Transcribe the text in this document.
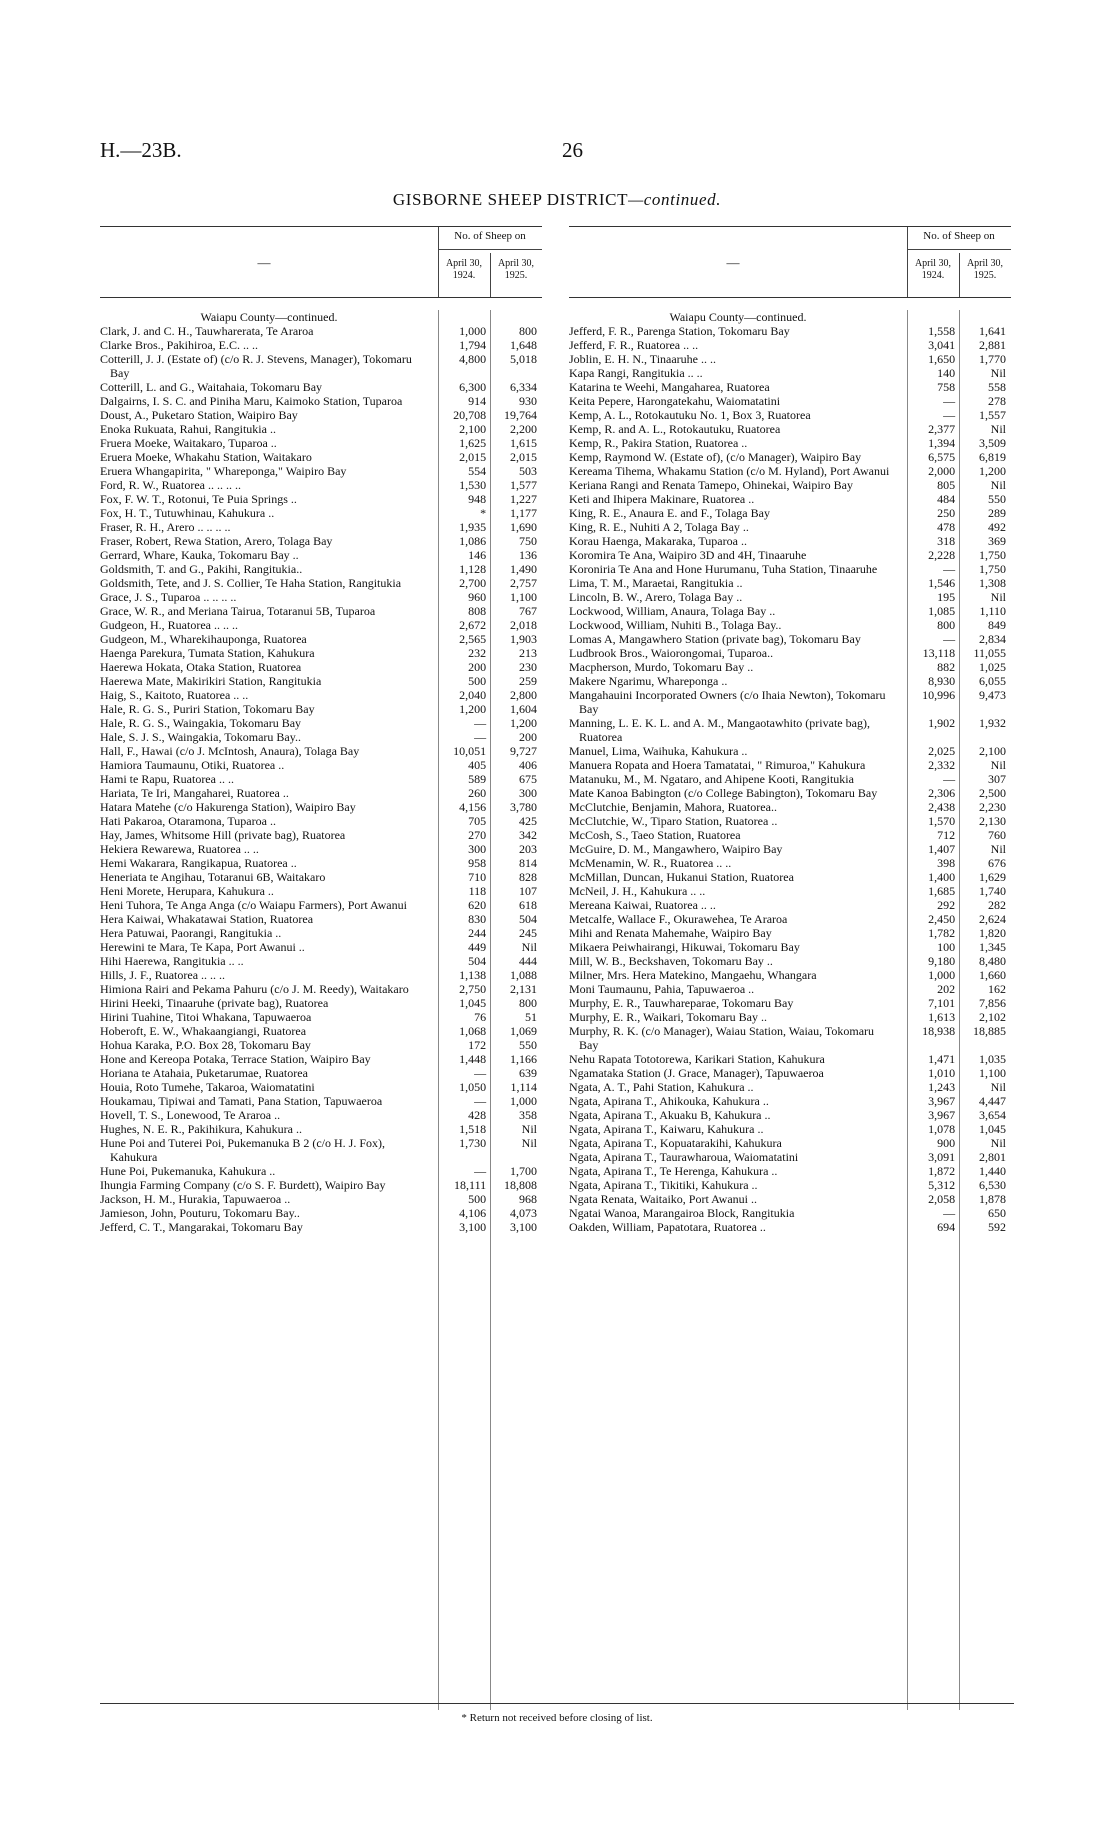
H.—23B.	26
GISBORNE SHEEP DISTRICT—continued.
—
No. of Sheep on
April 30, 1924.
April 30, 1925.
Waiapu County—continued.
Clark, J. and C. H., Tauwharerata, Te Araroa	1,000	800
Clarke Bros., Pakihiroa, E.C. .. ..	1,794	1,648
Cotterill, J. J. (Estate of) (c/o R. J. Stevens, Manager), Tokomaru Bay
4,800	5,018
Cotterill, L. and G., Waitahaia, Tokomaru Bay	6,300	6,334
Dalgairns, I. S. C. and Piniha Maru, Kaimoko Station, Tuparoa	914	930
Doust, A., Puketaro Station, Waipiro Bay	20,708	19,764
Enoka Rukuata, Rahui, Rangitukia ..	2,100	2,200
Fruera Moeke, Waitakaro, Tuparoa ..	1,625	1,615
Eruera Moeke, Whakahu Station, Waitakaro	2,015	2,015
Eruera Whangapirita, " Whareponga," Waipiro Bay	554	503
Ford, R. W., Ruatorea .. .. .. ..	1,530	1,577
Fox, F. W. T., Rotonui, Te Puia Springs ..	948	1,227
Fox, H. T., Tutuwhinau, Kahukura ..	*	1,177
Fraser, R. H., Arero .. .. .. ..	1,935	1,690
Fraser, Robert, Rewa Station, Arero, Tolaga Bay	1,086	750
Gerrard, Whare, Kauka, Tokomaru Bay ..	146	136
Goldsmith, T. and G., Pakihi, Rangitukia..	1,128	1,490
Goldsmith, Tete, and J. S. Collier, Te Haha Station, Rangitukia	2,700	2,757
Grace, J. S., Tuparoa .. .. .. ..	960	1,100
Grace, W. R., and Meriana Tairua, Totaranui 5B, Tuparoa	808	767
Gudgeon, H., Ruatorea .. .. ..	2,672	2,018
Gudgeon, M., Wharekihauponga, Ruatorea	2,565	1,903
Haenga Parekura, Tumata Station, Kahukura	232	213
Haerewa Hokata, Otaka Station, Ruatorea	200	230
Haerewa Mate, Makirikiri Station, Rangitukia	500	259
Haig, S., Kaitoto, Ruatorea .. ..	2,040	2,800
Hale, R. G. S., Puriri Station, Tokomaru Bay	1,200	1,604
Hale, R. G. S., Waingakia, Tokomaru Bay	—	1,200
Hale, S. J. S., Waingakia, Tokomaru Bay..	—	200
Hall, F., Hawai (c/o J. McIntosh, Anaura), Tolaga Bay	10,051	9,727
Hamiora Taumaunu, Otiki, Ruatorea ..	405	406
Hami te Rapu, Ruatorea .. ..	589	675
Hariata, Te Iri, Mangaharei, Ruatorea ..	260	300
Hatara Matehe (c/o Hakurenga Station), Waipiro Bay	4,156	3,780
Hati Pakaroa, Otaramona, Tuparoa ..	705	425
Hay, James, Whitsome Hill (private bag), Ruatorea	270	342
Hekiera Rewarewa, Ruatorea .. ..	300	203
Hemi Wakarara, Rangikapua, Ruatorea ..	958	814
Heneriata te Angihau, Totaranui 6B, Waitakaro	710	828
Heni Morete, Herupara, Kahukura ..	118	107
Heni Tuhora, Te Anga Anga (c/o Waiapu Farmers), Port Awanui	620	618
Hera Kaiwai, Whakatawai Station, Ruatorea	830	504
Hera Patuwai, Paorangi, Rangitukia ..	244	245
Herewini te Mara, Te Kapa, Port Awanui ..	449	Nil
Hihi Haerewa, Rangitukia .. ..	504	444
Hills, J. F., Ruatorea .. .. ..	1,138	1,088
Himiona Rairi and Pekama Pahuru (c/o J. M. Reedy), Waitakaro	2,750	2,131
Hirini Heeki, Tinaaruhe (private bag), Ruatorea	1,045	800
Hirini Tuahine, Titoi Whakana, Tapuwaeroa	76	51
Hoberoft, E. W., Whakaangiangi, Ruatorea	1,068	1,069
Hohua Karaka, P.O. Box 28, Tokomaru Bay	172	550
Hone and Kereopa Potaka, Terrace Station, Waipiro Bay	1,448	1,166
Horiana te Atahaia, Puketarumae, Ruatorea	—	639
Houia, Roto Tumehe, Takaroa, Waiomatatini	1,050	1,114
Houkamau, Tipiwai and Tamati, Pana Station, Tapuwaeroa	—	1,000
Hovell, T. S., Lonewood, Te Araroa ..	428	358
Hughes, N. E. R., Pakihikura, Kahukura ..	1,518	Nil
Hune Poi and Tuterei Poi, Pukemanuka B 2 (c/o H. J. Fox), Kahukura
1,730	Nil
Hune Poi, Pukemanuka, Kahukura ..	—	1,700
Ihungia Farming Company (c/o S. F. Burdett), Waipiro Bay	18,111	18,808
Jackson, H. M., Hurakia, Tapuwaeroa ..	500	968
Jamieson, John, Pouturu, Tokomaru Bay..	4,106	4,073
Jefferd, C. T., Mangarakai, Tokomaru Bay	3,100	3,100
—
No. of Sheep on
April 30, 1924.
April 30, 1925.
Waiapu County—continued.
Jefferd, F. R., Parenga Station, Tokomaru Bay	1,558	1,641
Jefferd, F. R., Ruatorea .. ..	3,041	2,881
Joblin, E. H. N., Tinaaruhe .. ..	1,650	1,770
Kapa Rangi, Rangitukia .. ..	140	Nil
Katarina te Weehi, Mangaharea, Ruatorea	758	558
Keita Pepere, Harongatekahu, Waiomatatini	—	278
Kemp, A. L., Rotokautuku No. 1, Box 3, Ruatorea	—	1,557
Kemp, R. and A. L., Rotokautuku, Ruatorea	2,377	Nil
Kemp, R., Pakira Station, Ruatorea ..	1,394	3,509
Kemp, Raymond W. (Estate of), (c/o Manager), Waipiro Bay	6,575	6,819
Kereama Tihema, Whakamu Station (c/o M. Hyland), Port Awanui	2,000	1,200
Keriana Rangi and Renata Tamepo, Ohinekai, Waipiro Bay	805	Nil
Keti and Ihipera Makinare, Ruatorea ..	484	550
King, R. E., Anaura E. and F., Tolaga Bay	250	289
King, R. E., Nuhiti A 2, Tolaga Bay ..	478	492
Korau Haenga, Makaraka, Tuparoa ..	318	369
Koromira Te Ana, Waipiro 3D and 4H, Tinaaruhe	2,228	1,750
Koroniria Te Ana and Hone Hurumanu, Tuha Station, Tinaaruhe	—	1,750
Lima, T. M., Maraetai, Rangitukia ..	1,546	1,308
Lincoln, B. W., Arero, Tolaga Bay ..	195	Nil
Lockwood, William, Anaura, Tolaga Bay ..	1,085	1,110
Lockwood, William, Nuhiti B., Tolaga Bay..	800	849
Lomas A, Mangawhero Station (private bag), Tokomaru Bay	—	2,834
Ludbrook Bros., Waiorongomai, Tuparoa..	13,118	11,055
Macpherson, Murdo, Tokomaru Bay ..	882	1,025
Makere Ngarimu, Whareponga ..	8,930	6,055
Mangahauini Incorporated Owners (c/o Ihaia Newton), Tokomaru Bay
10,996	9,473
Manning, L. E. K. L. and A. M., Mangaotawhito (private bag), Ruatorea
1,902	1,932
Manuel, Lima, Waihuka, Kahukura ..	2,025	2,100
Manuera Ropata and Hoera Tamatatai, " Rimuroa," Kahukura	2,332	Nil
Matanuku, M., M. Ngataro, and Ahipene Kooti, Rangitukia	—	307
Mate Kanoa Babington (c/o College Babington), Tokomaru Bay	2,306	2,500
McClutchie, Benjamin, Mahora, Ruatorea..	2,438	2,230
McClutchie, W., Tiparo Station, Ruatorea ..	1,570	2,130
McCosh, S., Taeo Station, Ruatorea	712	760
McGuire, D. M., Mangawhero, Waipiro Bay	1,407	Nil
McMenamin, W. R., Ruatorea .. ..	398	676
McMillan, Duncan, Hukanui Station, Ruatorea	1,400	1,629
McNeil, J. H., Kahukura .. ..	1,685	1,740
Mereana Kaiwai, Ruatorea .. ..	292	282
Metcalfe, Wallace F., Okurawehea, Te Araroa	2,450	2,624
Mihi and Renata Mahemahe, Waipiro Bay	1,782	1,820
Mikaera Peiwhairangi, Hikuwai, Tokomaru Bay	100	1,345
Mill, W. B., Beckshaven, Tokomaru Bay ..	9,180	8,480
Milner, Mrs. Hera Matekino, Mangaehu, Whangara	1,000	1,660
Moni Taumaunu, Pahia, Tapuwaeroa ..	202	162
Murphy, E. R., Tauwhareparae, Tokomaru Bay	7,101	7,856
Murphy, E. R., Waikari, Tokomaru Bay ..	1,613	2,102
Murphy, R. K. (c/o Manager), Waiau Station, Waiau, Tokomaru Bay
18,938	18,885
Nehu Rapata Tototorewa, Karikari Station, Kahukura	1,471	1,035
Ngamataka Station (J. Grace, Manager), Tapuwaeroa	1,010	1,100
Ngata, A. T., Pahi Station, Kahukura ..	1,243	Nil
Ngata, Apirana T., Ahikouka, Kahukura ..	3,967	4,447
Ngata, Apirana T., Akuaku B, Kahukura ..	3,967	3,654
Ngata, Apirana T., Kaiwaru, Kahukura ..	1,078	1,045
Ngata, Apirana T., Kopuatarakihi, Kahukura	900	Nil
Ngata, Apirana T., Taurawharoua, Waiomatatini	3,091	2,801
Ngata, Apirana T., Te Herenga, Kahukura ..	1,872	1,440
Ngata, Apirana T., Tikitiki, Kahukura ..	5,312	6,530
Ngata Renata, Waitaiko, Port Awanui ..	2,058	1,878
Ngatai Wanoa, Marangairoa Block, Rangitukia	—	650
Oakden, William, Papatotara, Ruatorea ..	694	592
* Return not received before closing of list.
